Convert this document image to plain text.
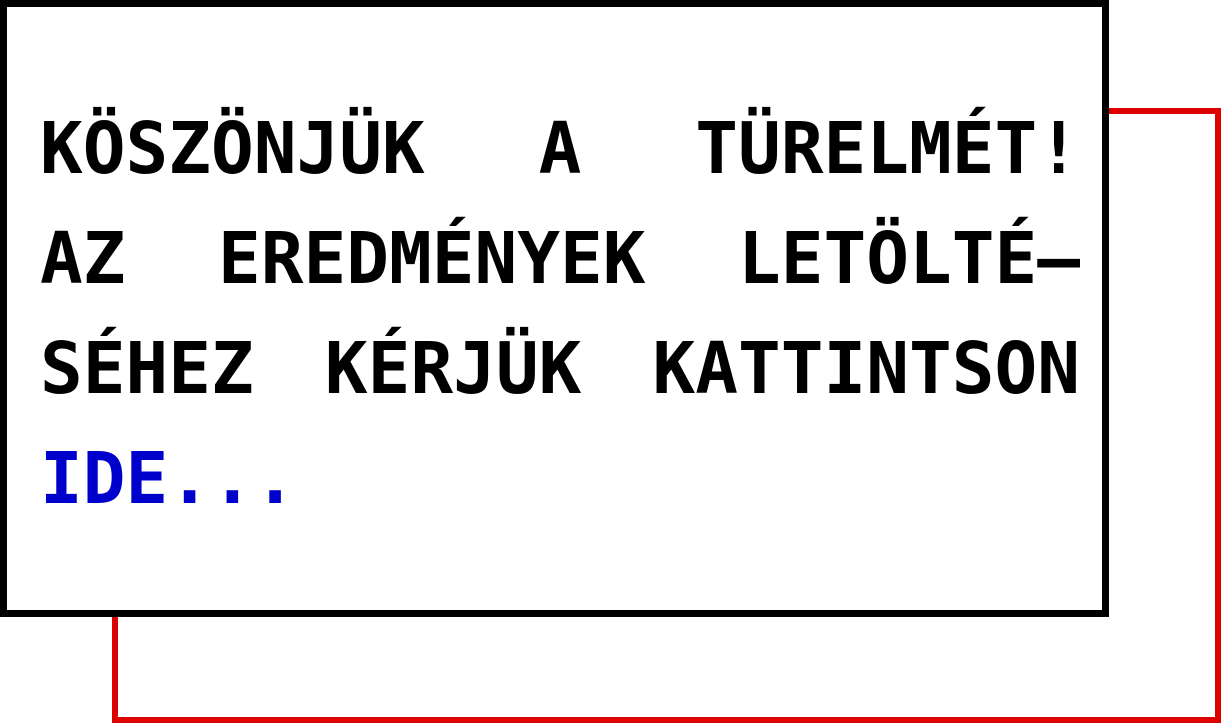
KÖSZÖNJÜK A TÜRELMÉT!
AZ EREDMÉNYEK LETÖLTÉ–
SÉHEZ KÉRJÜK KATTINTSON
IDE...
